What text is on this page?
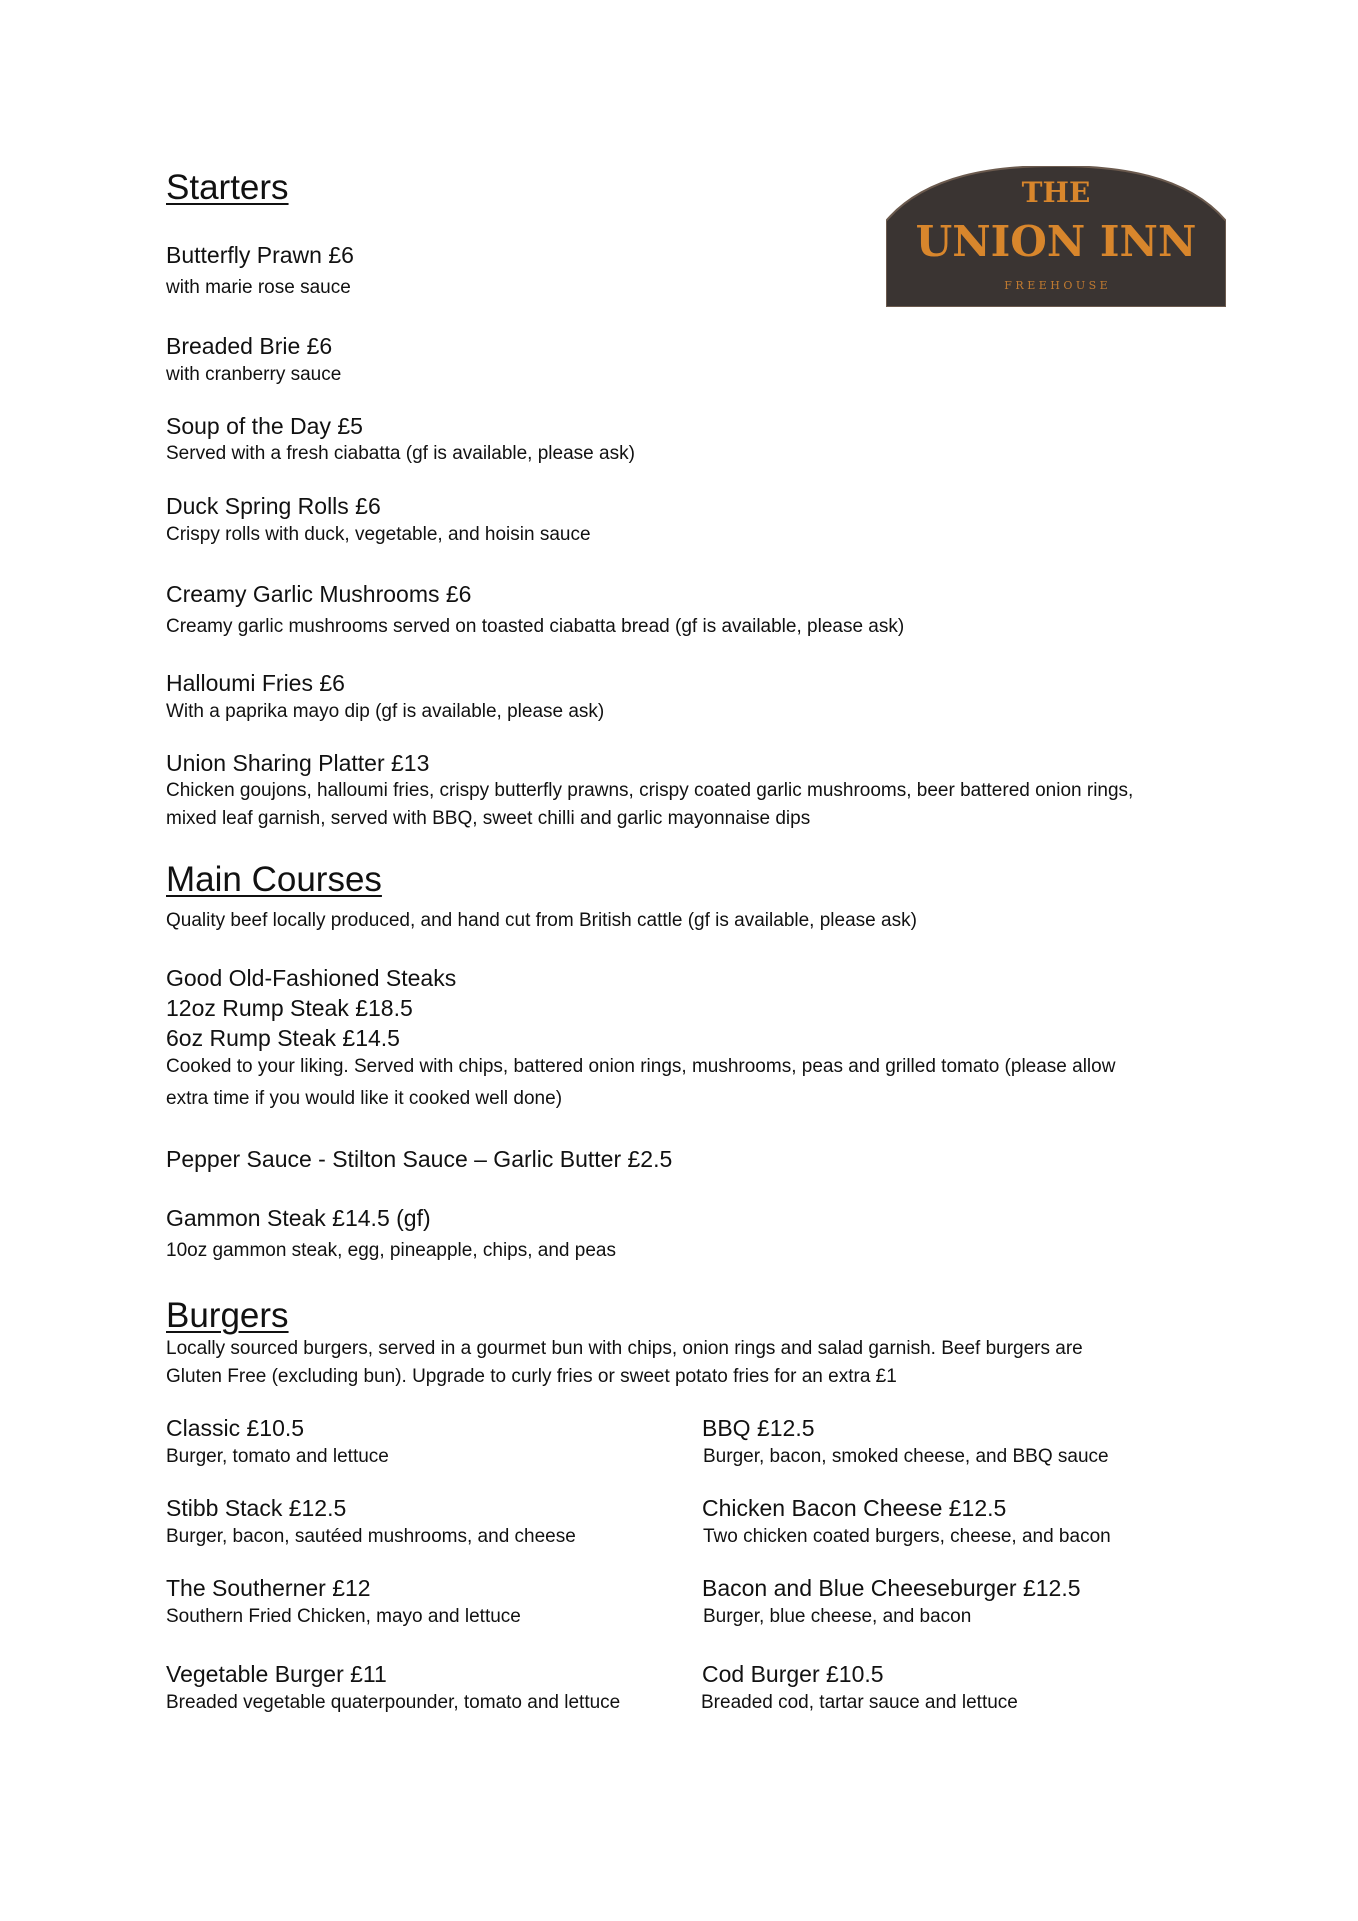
THE
UNION INN
F R E E H O U S E
Starters
Butterfly Prawn £6
with marie rose sauce
Breaded Brie £6
with cranberry sauce
Soup of the Day £5
Served with a fresh ciabatta (gf is available, please ask)
Duck Spring Rolls £6
Crispy rolls with duck, vegetable, and hoisin sauce
Creamy Garlic Mushrooms £6
Creamy garlic mushrooms served on toasted ciabatta bread (gf is available, please ask)
Halloumi Fries £6
With a paprika mayo dip (gf is available, please ask)
Union Sharing Platter £13
Chicken goujons, halloumi fries, crispy butterfly prawns, crispy coated garlic mushrooms, beer battered onion rings,
mixed leaf garnish, served with BBQ, sweet chilli and garlic mayonnaise dips
Main Courses
Quality beef locally produced, and hand cut from British cattle (gf is available, please ask)
Good Old-Fashioned Steaks
12oz Rump Steak £18.5
6oz Rump Steak £14.5
Cooked to your liking. Served with chips, battered onion rings, mushrooms, peas and grilled tomato (please allow
extra time if you would like it cooked well done)
Pepper Sauce - Stilton Sauce – Garlic Butter £2.5
Gammon Steak £14.5 (gf)
10oz gammon steak, egg, pineapple, chips, and peas
Burgers
Locally sourced burgers, served in a gourmet bun with chips, onion rings and salad garnish. Beef burgers are
Gluten Free (excluding bun). Upgrade to curly fries or sweet potato fries for an extra £1
Classic £10.5
Burger, tomato and lettuce
Stibb Stack £12.5
Burger, bacon, sautéed mushrooms, and cheese
The Southerner £12
Southern Fried Chicken, mayo and lettuce
Vegetable Burger £11
Breaded vegetable quaterpounder, tomato and lettuce
BBQ £12.5
Burger, bacon, smoked cheese, and BBQ sauce
Chicken Bacon Cheese £12.5
Two chicken coated burgers, cheese, and bacon
Bacon and Blue Cheeseburger £12.5
Burger, blue cheese, and bacon
Cod Burger £10.5
Breaded cod, tartar sauce and lettuce
